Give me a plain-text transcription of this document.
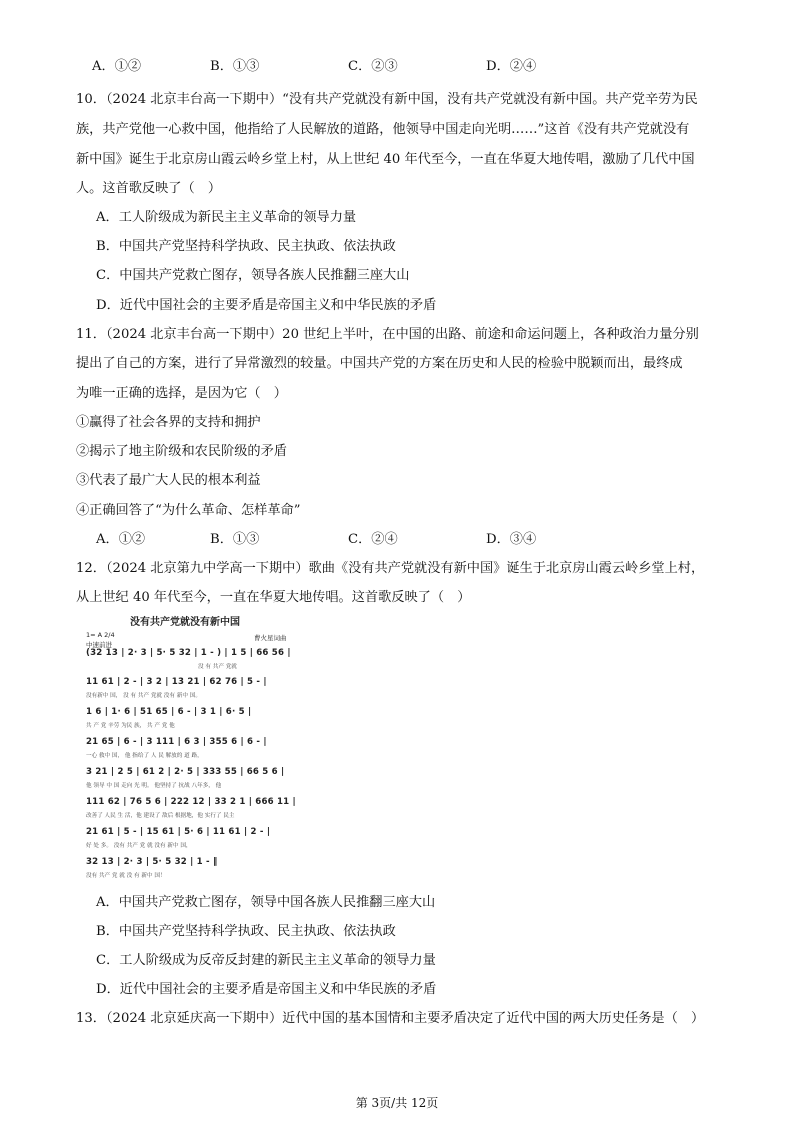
A．①②	B．①③	C．②③	D．②④
10．（2024 北京丰台高一下期中）“没有共产党就没有新中国，没有共产党就没有新中国。共产党辛劳为民
族，共产党他一心救中国，他指给了人民解放的道路，他领导中国走向光明……”这首《没有共产党就没有
新中国》诞生于北京房山霞云岭乡堂上村，从上世纪 40 年代至今，一直在华夏大地传唱，激励了几代中国
人。这首歌反映了（　）
A．工人阶级成为新民主主义革命的领导力量
B．中国共产党坚持科学执政、民主执政、依法执政
C．中国共产党救亡图存，领导各族人民推翻三座大山
D．近代中国社会的主要矛盾是帝国主义和中华民族的矛盾
11．（2024 北京丰台高一下期中）20 世纪上半叶，在中国的出路、前途和命运问题上，各种政治力量分别
提出了自己的方案，进行了异常激烈的较量。中国共产党的方案在历史和人民的检验中脱颖而出，最终成
为唯一正确的选择，是因为它（　）
①赢得了社会各界的支持和拥护
②揭示了地主阶级和农民阶级的矛盾
③代表了最广大人民的根本利益
④正确回答了“为什么革命、怎样革命”
A．①②	B．①③	C．②④	D．③④
12．（2024 北京第九中学高一下期中）歌曲《没有共产党就没有新中国》诞生于北京房山霞云岭乡堂上村，
从上世纪 40 年代至今，一直在华夏大地传唱。这首歌反映了（　）
没有共产党就没有新中国
1= A 2/4
中速前进
曹火星词曲
(32 13 | 2· 3 | 5· 5 32 | 1 - ) | 1 5 | 66 56 |
没 有 共产 党就
11 61 | 2 - | 3 2 | 13 21 | 62 76 | 5 - |
没有新中 国， 没 有 共产 党就 没有 新中 国。
1 6 | 1· 6 | 51 65 | 6 - | 3 1 | 6· 5 |
共 产 党 辛劳 为民 族， 共 产 党 他
21 65 | 6 - | 3 111 | 6 3 | 355 6 | 6 - |
一心 救中 国， 他 指给了 人 民 解放的 道 路，
3 21 | 2 5 | 61 2 | 2· 5 | 333 55 | 66 5 6 |
他 领导 中 国 走向 光 明。 他坚持了 抗战 八年多， 他
111 62 | 76 5 6 | 222 12 | 33 2 1 | 666 11 |
改善了 人民 生 活，他 建设了 敌后 根据地，他 实行了 民主
21 61 | 5 - | 15 61 | 5· 6 | 11 61 | 2 - |
好 处 多。 没有 共产 党 就 没有 新中 国，
32 13 | 2· 3 | 5· 5 32 | 1 - ‖
没有 共产 党 就 没 有 新中 国！
A．中国共产党救亡图存，领导中国各族人民推翻三座大山
B．中国共产党坚持科学执政、民主执政、依法执政
C．工人阶级成为反帝反封建的新民主主义革命的领导力量
D．近代中国社会的主要矛盾是帝国主义和中华民族的矛盾
13．（2024 北京延庆高一下期中）近代中国的基本国情和主要矛盾决定了近代中国的两大历史任务是（　）
第 3页/共 12页
